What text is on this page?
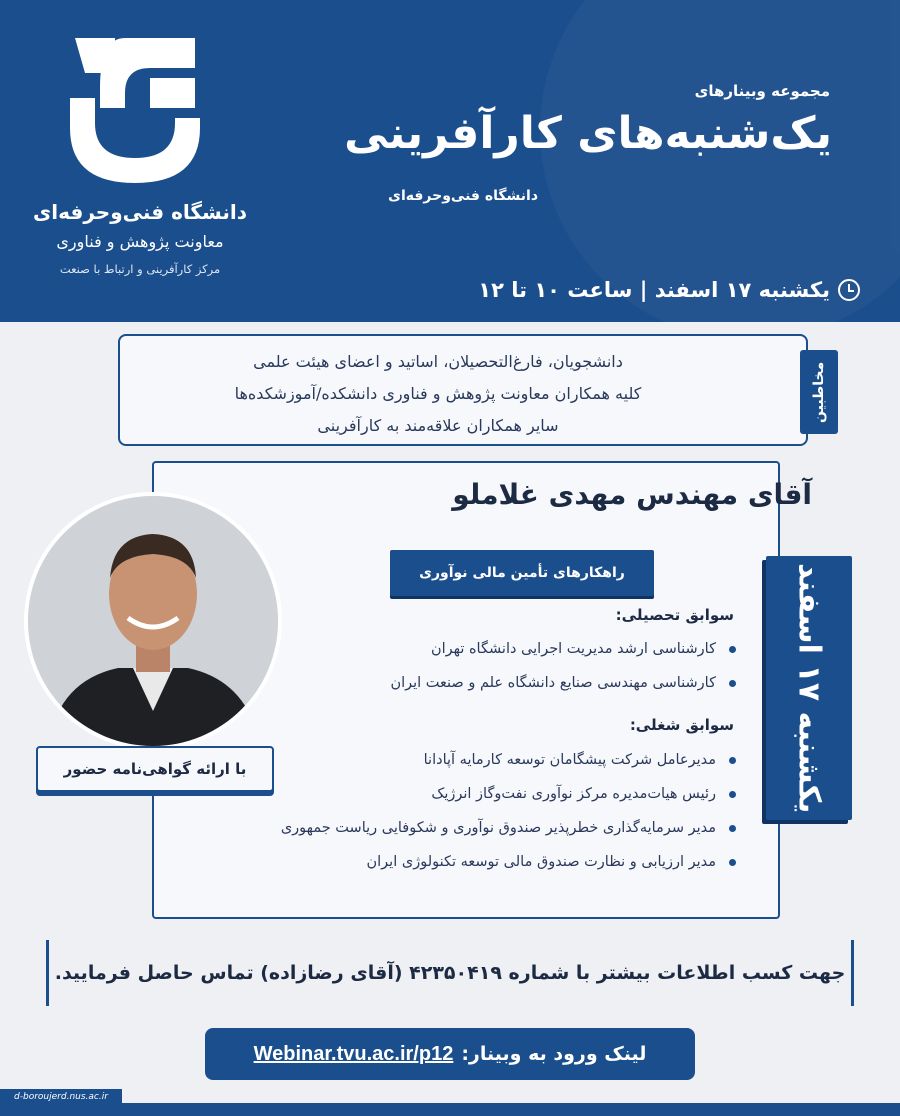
دانشگاه فنی‌وحرفه‌ای
معاونت پژوهش و فناوری
مرکز کارآفرینی و ارتباط با صنعت
مجموعه وبینارهای
یک‌شنبه‌های کارآفرینی
دانشگاه فنی‌وحرفه‌ای
یکشنبه ۱۷ اسفند | ساعت ۱۰ تا ۱۲

دانشجویان، فارغ‌التحصیلان، اساتید و اعضای هیئت علمی

کلیه همکاران معاونت پژوهش و فناوری دانشکده/آموزشکده‌ها

سایر همکاران علاقه‌مند به کارآفرینی

مخاطبین
آقای مهندس مهدی غلاملو
راهکارهای تأمین مالی نوآوری
سوابق تحصیلی:
کارشناسی ارشد مدیریت اجرایی دانشگاه تهران
کارشناسی مهندسی صنایع دانشگاه علم و صنعت ایران
سوابق شغلی:
مدیرعامل شرکت پیشگامان توسعه کارمایه آپادانا
رئیس هیات‌مدیره مرکز نوآوری نفت‌وگاز انرژیک
مدیر سرمایه‌گذاری خطرپذیر صندوق نوآوری و شکوفایی ریاست جمهوری
مدیر ارزیابی و نظارت صندوق مالی توسعه تکنولوژی ایران
با ارائه گواهی‌نامه حضور
یکشنبه ۱۷ اسفند
جهت کسب اطلاعات بیشتر با شماره ۴۲۳۵۰۴۱۹ (آقای رضازاده) تماس حاصل فرمایید.
Webinar.tvu.ac.ir/p12 لینک ورود به وبینار:
d-boroujerd.nus.ac.ir
